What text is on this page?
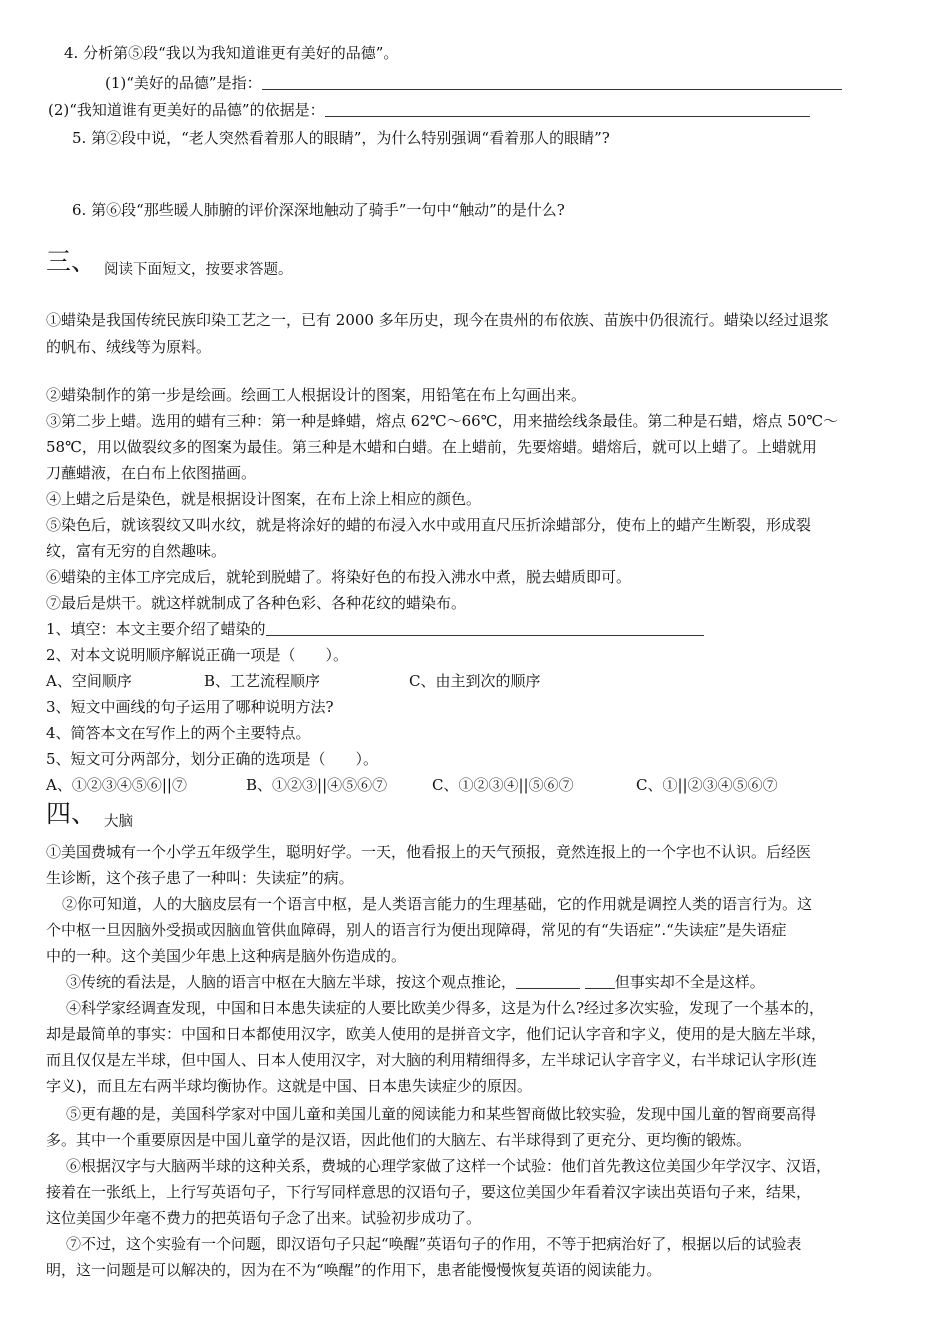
4. 分析第⑤段“我以为我知道谁更有美好的品德”。
(1)“美好的品德”是指：
(2)“我知道谁有更美好的品德”的依据是：
5. 第②段中说，“老人突然看着那人的眼睛”，为什么特别强调“看着那人的眼睛”?
6. 第⑥段“那些暖人肺腑的评价深深地触动了骑手”一句中“触动”的是什么?
三、 阅读下面短文，按要求答题。
①蜡染是我国传统民族印染工艺之一，已有 2000 多年历史，现今在贵州的布依族、苗族中仍很流行。蜡染以经过退浆
的帆布、绒线等为原料。
②蜡染制作的第一步是绘画。绘画工人根据设计的图案，用铅笔在布上勾画出来。
③第二步上蜡。选用的蜡有三种：第一种是蜂蜡，熔点 62℃～66℃，用来描绘线条最佳。第二种是石蜡，熔点 50℃～
58℃，用以做裂纹多的图案为最佳。第三种是木蜡和白蜡。在上蜡前，先要熔蜡。蜡熔后，就可以上蜡了。上蜡就用
刀蘸蜡液，在白布上依图描画。
④上蜡之后是染色，就是根据设计图案，在布上涂上相应的颜色。
⑤染色后，就该裂纹又叫水纹，就是将涂好的蜡的布浸入水中或用直尺压折涂蜡部分，使布上的蜡产生断裂，形成裂
纹，富有无穷的自然趣味。
⑥蜡染的主体工序完成后，就轮到脱蜡了。将染好色的布投入沸水中煮，脱去蜡质即可。
⑦最后是烘干。就这样就制成了各种色彩、各种花纹的蜡染布。
1、填空：本文主要介绍了蜡染的
2、对本文说明顺序解说正确一项是（　　）。
A、空间顺序	B、工艺流程顺序	C、由主到次的顺序
3、短文中画线的句子运用了哪种说明方法?
4、简答本文在写作上的两个主要特点。
5、短文可分两部分，划分正确的选项是（　　）。
A、①②③④⑤⑥||⑦	B、①②③||④⑤⑥⑦	C、①②③④||⑤⑥⑦	C、①||②③④⑤⑥⑦
四、 大脑
①美国费城有一个小学五年级学生，聪明好学。一天，他看报上的天气预报，竟然连报上的一个字也不认识。后经医
生诊断，这个孩子患了一种叫：失读症”的病。
②你可知道，人的大脑皮层有一个语言中枢，是人类语言能力的生理基础，它的作用就是调控人类的语言行为。这
个中枢一旦因脑外受损或因脑血管供血障碍，别人的语言行为便出现障碍，常见的有“失语症”.“失读症”是失语症
中的一种。这个美国少年患上这种病是脑外伤造成的。
③传统的看法是，人脑的语言中枢在大脑左半球，按这个观点推论，	但事实却不全是这样。
④科学家经调查发现，中国和日本患失读症的人要比欧美少得多，这是为什么?经过多次实验，发现了一个基本的，
却是最简单的事实：中国和日本都使用汉字，欧美人使用的是拼音文字，他们记认字音和字义，使用的是大脑左半球，
而且仅仅是左半球，但中国人、日本人使用汉字，对大脑的利用精细得多，左半球记认字音字义，右半球记认字形(连
字义)，而且左右两半球均衡协作。这就是中国、日本患失读症少的原因。
⑤更有趣的是，美国科学家对中国儿童和美国儿童的阅读能力和某些智商做比较实验，发现中国儿童的智商要高得
多。其中一个重要原因是中国儿童学的是汉语，因此他们的大脑左、右半球得到了更充分、更均衡的锻炼。
⑥根据汉字与大脑两半球的这种关系，费城的心理学家做了这样一个试验：他们首先教这位美国少年学汉字、汉语，
接着在一张纸上，上行写英语句子，下行写同样意思的汉语句子，要这位美国少年看着汉字读出英语句子来，结果，
这位美国少年毫不费力的把英语句子念了出来。试验初步成功了。
⑦不过，这个实验有一个问题，即汉语句子只起“唤醒”英语句子的作用，不等于把病治好了，根据以后的试验表
明，这一问题是可以解决的，因为在不为“唤醒”的作用下，患者能慢慢恢复英语的阅读能力。
